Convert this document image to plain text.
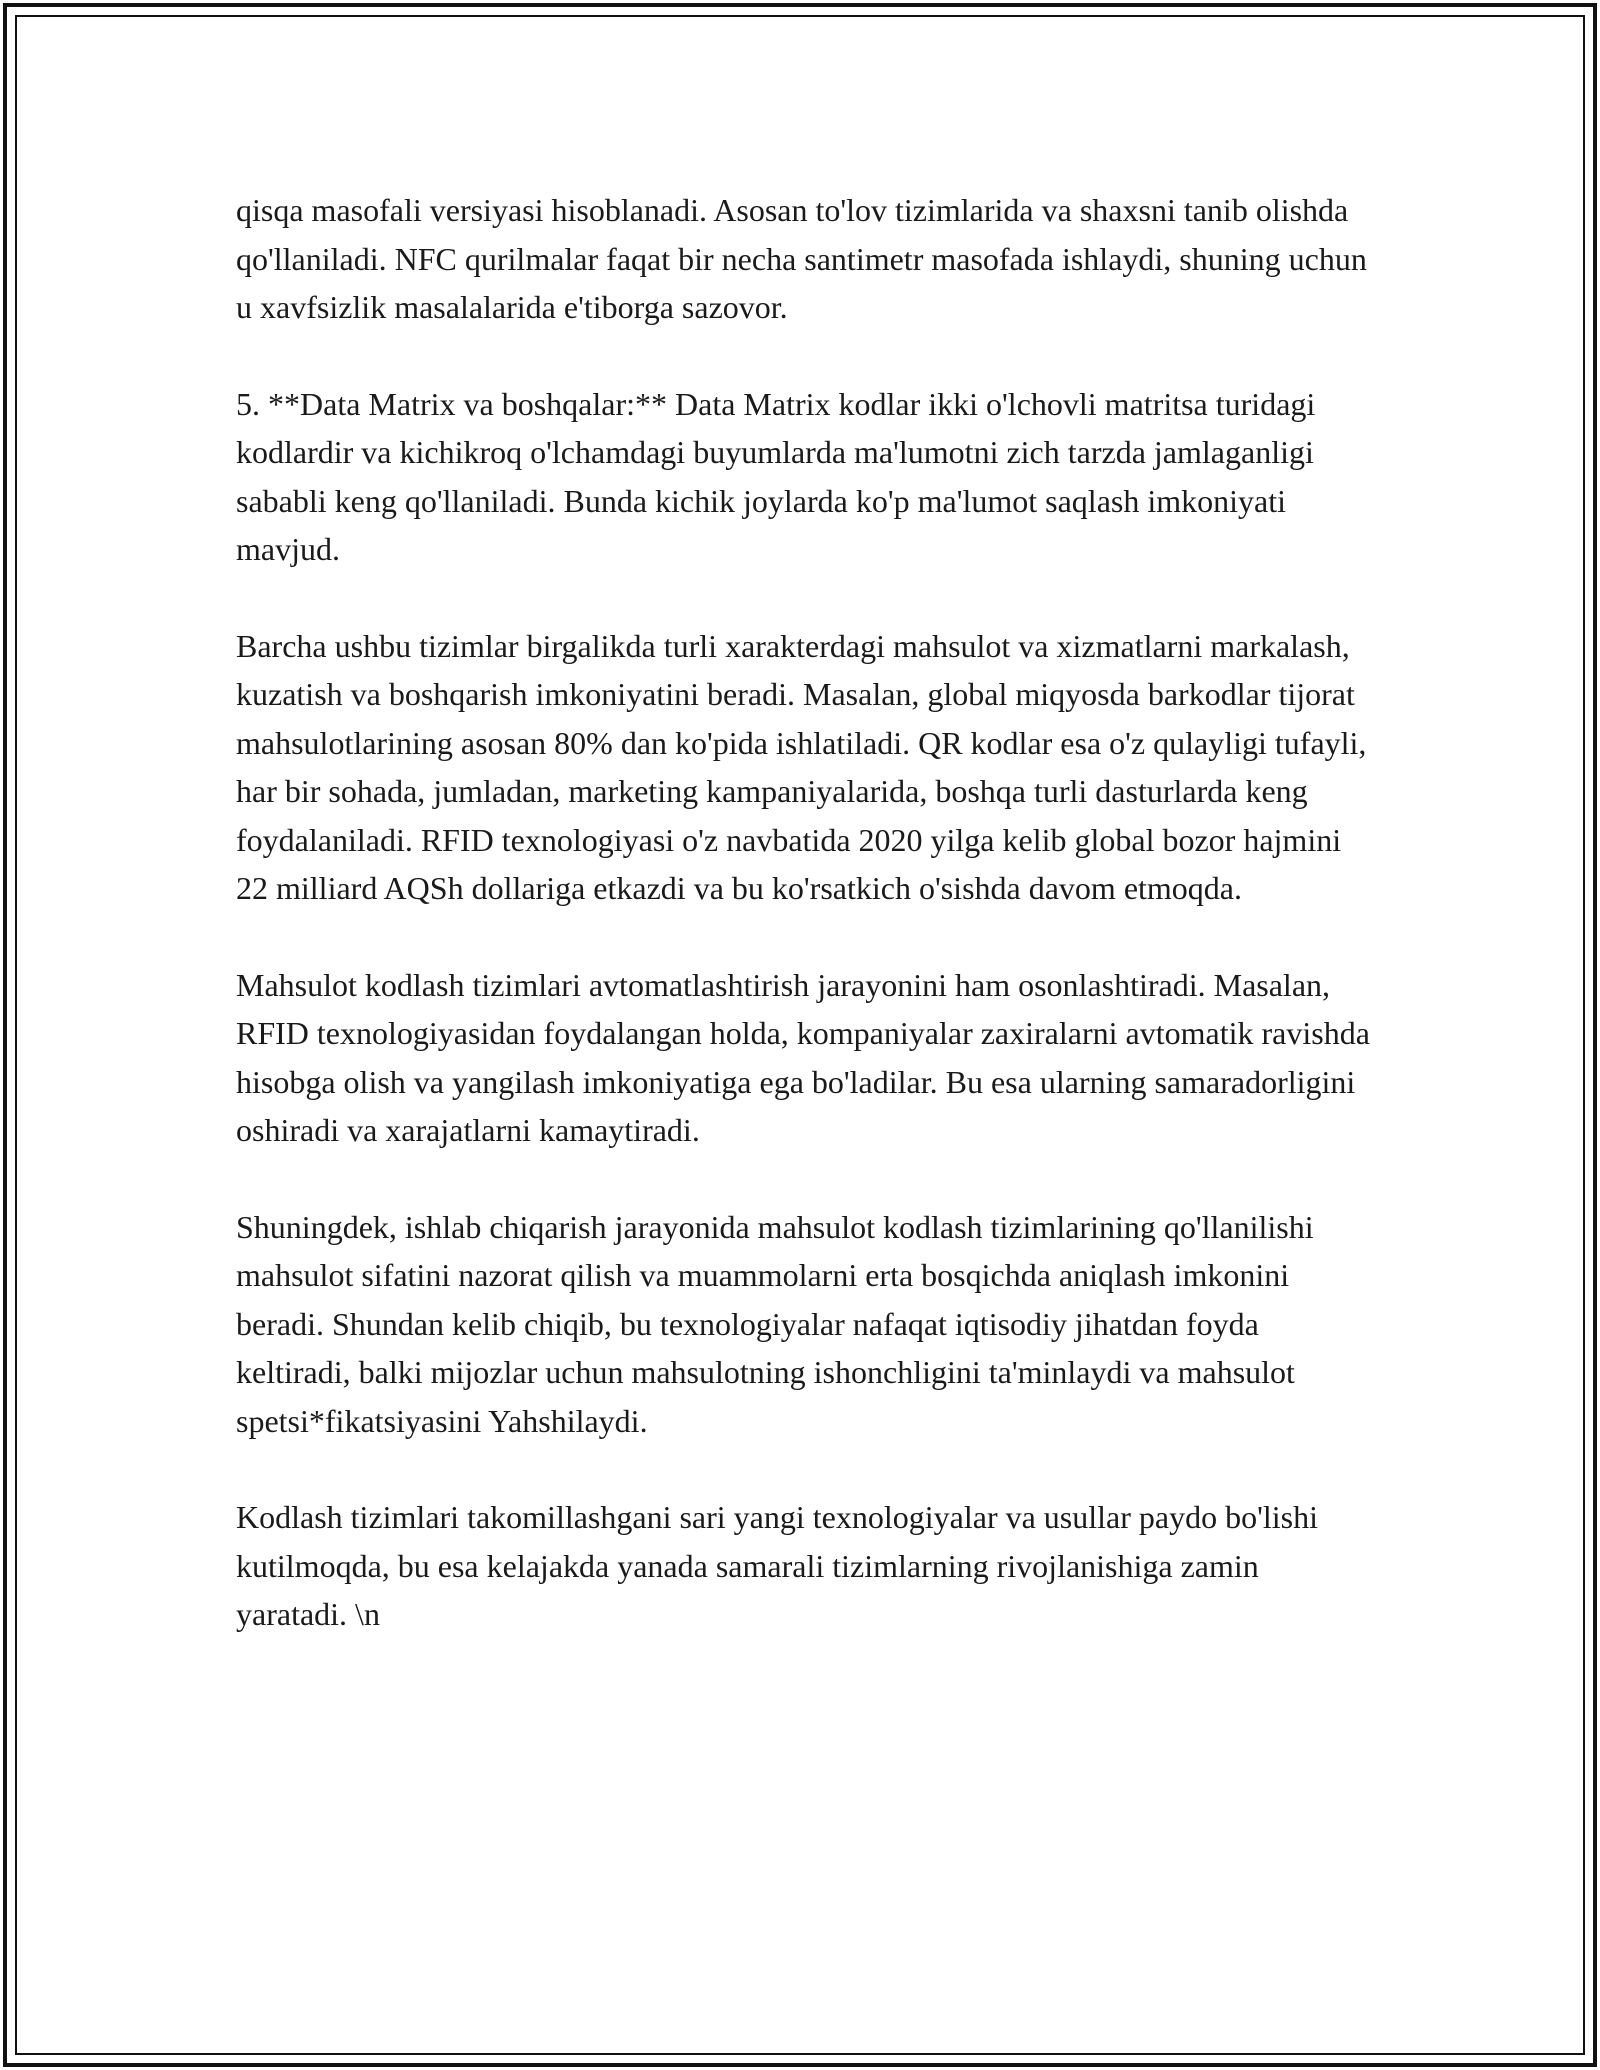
qisqa masofali versiyasi hisoblanadi. Asosan to'lov tizimlarida va shaxsni tanib olishda qo'llaniladi. NFC qurilmalar faqat bir necha santimetr masofada ishlaydi, shuning uchun u xavfsizlik masalalarida e'tiborga sazovor.

5. **Data Matrix va boshqalar:** Data Matrix kodlar ikki o'lchovli matritsa turidagi kodlardir va kichikroq o'lchamdagi buyumlarda ma'lumotni zich tarzda jamlaganligi sababli keng qo'llaniladi. Bunda kichik joylarda ko'p ma'lumot saqlash imkoniyati mavjud.

Barcha ushbu tizimlar birgalikda turli xarakterdagi mahsulot va xizmatlarni markalash, kuzatish va boshqarish imkoniyatini beradi. Masalan, global miqyosda barkodlar tijorat mahsulotlarining asosan 80% dan ko'pida ishlatiladi. QR kodlar esa o'z qulayligi tufayli, har bir sohada, jumladan, marketing kampaniyalarida, boshqa turli dasturlarda keng foydalaniladi. RFID texnologiyasi o'z navbatida 2020 yilga kelib global bozor hajmini 22 milliard AQSh dollariga etkazdi va bu ko'rsatkich o'sishda davom etmoqda.

Mahsulot kodlash tizimlari avtomatlashtirish jarayonini ham osonlashtiradi. Masalan, RFID texnologiyasidan foydalangan holda, kompaniyalar zaxiralarni avtomatik ravishda hisobga olish va yangilash imkoniyatiga ega bo'ladilar. Bu esa ularning samaradorligini oshiradi va xarajatlarni kamaytiradi.

Shuningdek, ishlab chiqarish jarayonida mahsulot kodlash tizimlarining qo'llanilishi mahsulot sifatini nazorat qilish va muammolarni erta bosqichda aniqlash imkonini beradi. Shundan kelib chiqib, bu texnologiyalar nafaqat iqtisodiy jihatdan foyda keltiradi, balki mijozlar uchun mahsulotning ishonchligini ta'minlaydi va mahsulot spetsi*fikatsiyasini Yahshilaydi.

Kodlash tizimlari takomillashgani sari yangi texnologiyalar va usullar paydo bo'lishi kutilmoqda, bu esa kelajakda yanada samarali tizimlarning rivojlanishiga zamin yaratadi. \n
